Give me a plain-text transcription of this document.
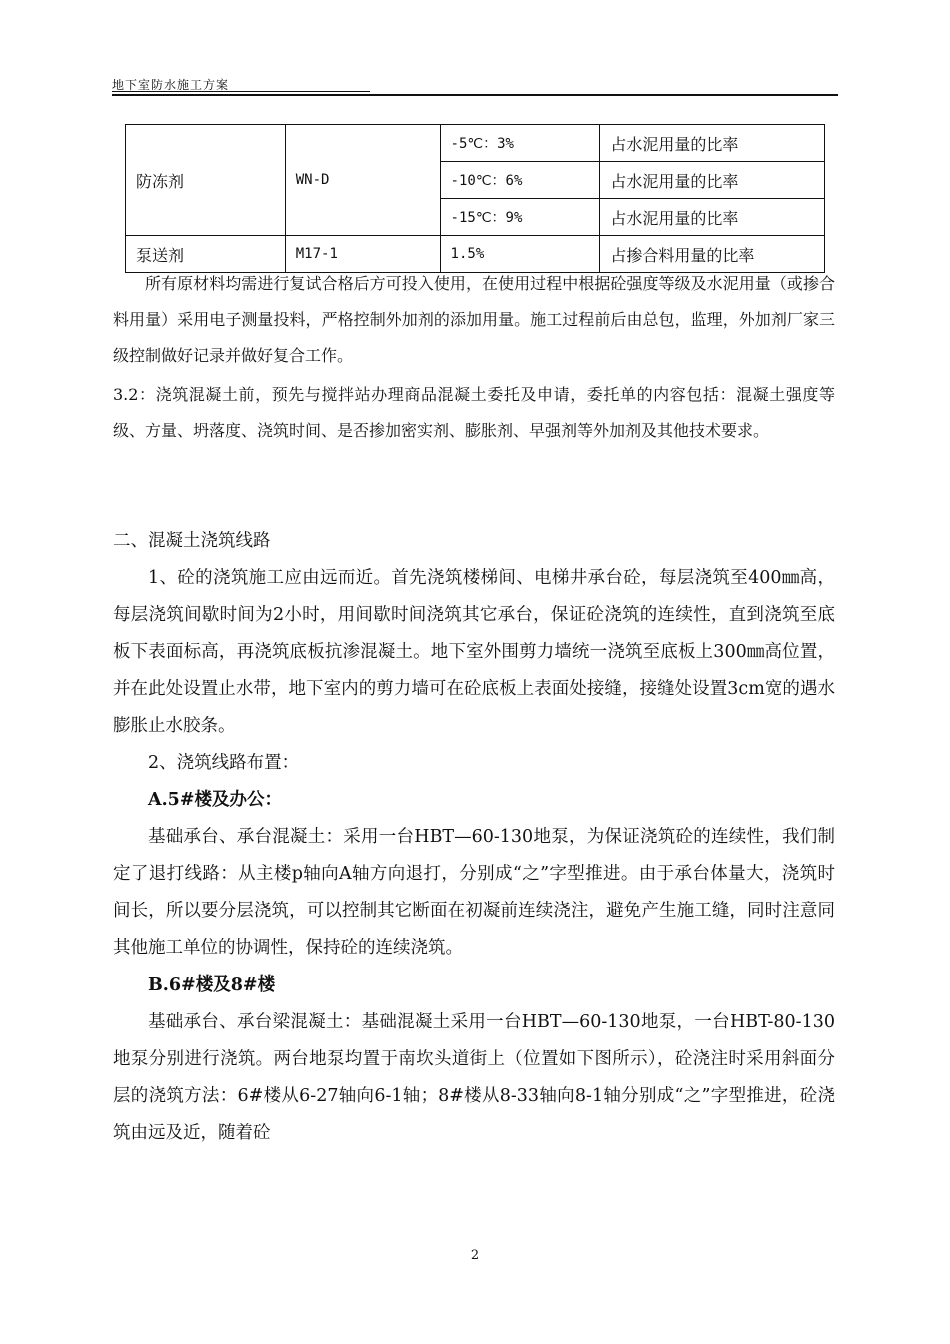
地下室防水施工方案
防冻剂	WN-D	-5℃：3%	占水泥用量的比率
		-10℃：6%	占水泥用量的比率
		-15℃：9%	占水泥用量的比率
泵送剂	M17-1	1.5%	占掺合料用量的比率

所有原材料均需进行复试合格后方可投入使用，在使用过程中根据砼强度等级及水泥用量（或掺合料用量）采用电子测量投料，严格控制外加剂的添加用量。施工过程前后由总包，监理，外加剂厂家三级控制做好记录并做好复合工作。

3.2：浇筑混凝土前，预先与搅拌站办理商品混凝土委托及申请，委托单的内容包括：混凝土强度等级、方量、坍落度、浇筑时间、是否掺加密实剂、膨胀剂、早强剂等外加剂及其他技术要求。

二、混凝土浇筑线路

1、砼的浇筑施工应由远而近。首先浇筑楼梯间、电梯井承台砼，每层浇筑至400㎜高，每层浇筑间歇时间为2小时，用间歇时间浇筑其它承台，保证砼浇筑的连续性，直到浇筑至底板下表面标高，再浇筑底板抗渗混凝土。地下室外围剪力墙统一浇筑至底板上300㎜高位置，并在此处设置止水带，地下室内的剪力墙可在砼底板上表面处接缝，接缝处设置3cm宽的遇水膨胀止水胶条。

2、浇筑线路布置：

A.5#楼及办公：

基础承台、承台混凝土：采用一台HBT—60-130地泵，为保证浇筑砼的连续性，我们制定了退打线路：从主楼p轴向A轴方向退打，分别成“之”字型推进。由于承台体量大，浇筑时间长，所以要分层浇筑，可以控制其它断面在初凝前连续浇注，避免产生施工缝，同时注意同其他施工单位的协调性，保持砼的连续浇筑。

B.6#楼及8#楼

基础承台、承台梁混凝土：基础混凝土采用一台HBT—60-130地泵，一台HBT-80-130地泵分别进行浇筑。两台地泵均置于南坎头道街上（位置如下图所示），砼浇注时采用斜面分层的浇筑方法：6#楼从6-27轴向6-1轴；8#楼从8-33轴向8-1轴分别成“之”字型推进，砼浇筑由远及近，随着砼

2
